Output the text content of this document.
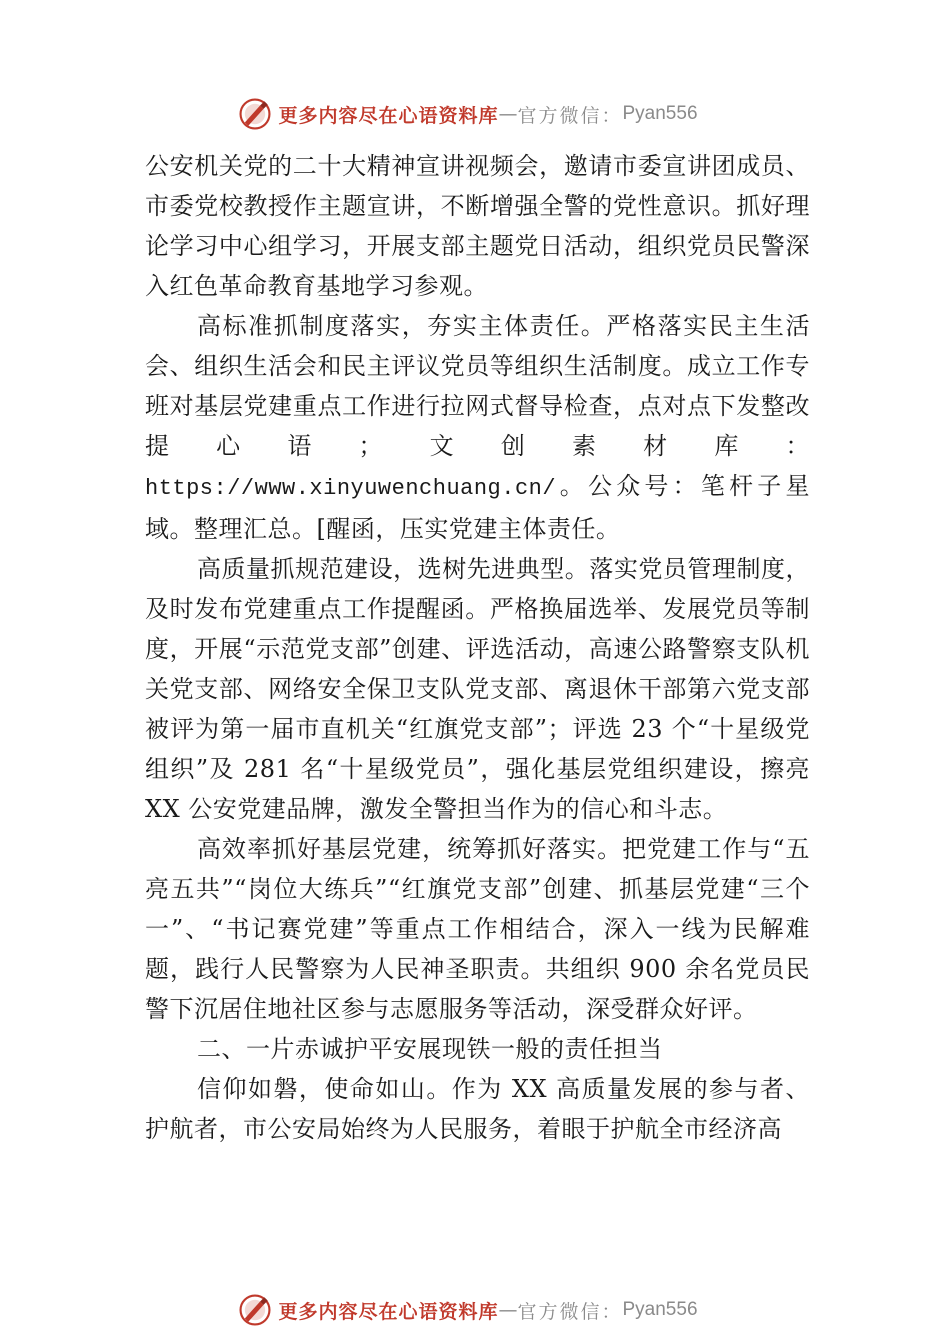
更多内容尽在心语资料库 — 官方微信： Pyan556

公安机关党的二十大精神宣讲视频会，邀请市委宣讲团成员、市委党校教授作主题宣讲，不断增强全警的党性意识。抓好理论学习中心组学习，开展支部主题党日活动，组织党员民警深入红色革命教育基地学习参观。

高标准抓制度落实，夯实主体责任。严格落实民主生活会、组织生活会和民主评议党员等组织生活制度。成立工作专班对基层党建重点工作进行拉网式督导检查，点对点下发整改提心语；文创素材库：https://www.xinyuwenchuang.cn/。公众号：笔杆子星域。整理汇总。[醒函，压实党建主体责任。

高质量抓规范建设，选树先进典型。落实党员管理制度，及时发布党建重点工作提醒函。严格换届选举、发展党员等制度，开展“示范党支部”创建、评选活动，高速公路警察支队机关党支部、网络安全保卫支队党支部、离退休干部第六党支部被评为第一届市直机关“红旗党支部”；评选 23 个“十星级党组织”及 281 名“十星级党员”，强化基层党组织建设，擦亮 XX 公安党建品牌，激发全警担当作为的信心和斗志。

高效率抓好基层党建，统筹抓好落实。把党建工作与“五亮五共”“岗位大练兵”“红旗党支部”创建、抓基层党建“三个一”、“书记赛党建”等重点工作相结合，深入一线为民解难题，践行人民警察为人民神圣职责。共组织 900 余名党员民警下沉居住地社区参与志愿服务等活动，深受群众好评。

二、一片赤诚护平安展现铁一般的责任担当

信仰如磐，使命如山。作为 XX 高质量发展的参与者、护航者，市公安局始终为人民服务，着眼于护航全市经济高

更多内容尽在心语资料库 — 官方微信： Pyan556
